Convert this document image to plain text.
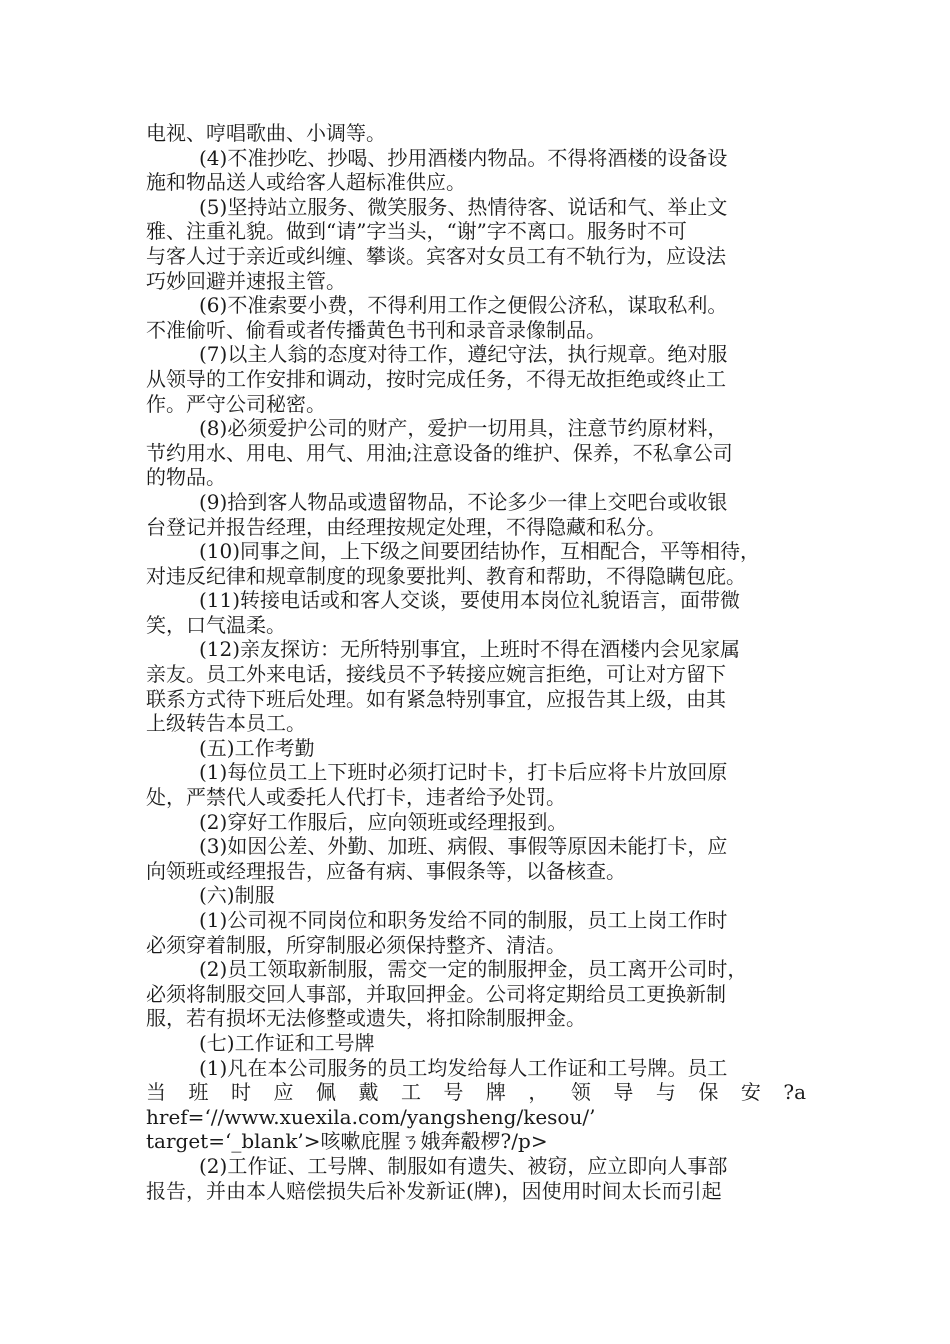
电视、哼唱歌曲、小调等。
(4)不准抄吃、抄喝、抄用酒楼内物品。不得将酒楼的设备设
施和物品送人或给客人超标准供应。
(5)坚持站立服务、微笑服务、热情待客、说话和气、举止文
雅、注重礼貌。做到“请”字当头，“谢”字不离口。服务时不可
与客人过于亲近或纠缠、攀谈。宾客对女员工有不轨行为，应设法
巧妙回避并速报主管。
(6)不准索要小费，不得利用工作之便假公济私，谋取私利。
不准偷听、偷看或者传播黄色书刊和录音录像制品。
(7)以主人翁的态度对待工作，遵纪守法，执行规章。绝对服
从领导的工作安排和调动，按时完成任务，不得无故拒绝或终止工
作。严守公司秘密。
(8)必须爱护公司的财产，爱护一切用具，注意节约原材料，
节约用水、用电、用气、用油;注意设备的维护、保养，不私拿公司
的物品。
(9)拾到客人物品或遗留物品，不论多少一律上交吧台或收银
台登记并报告经理，由经理按规定处理，不得隐藏和私分。
(10)同事之间，上下级之间要团结协作，互相配合，平等相待，
对违反纪律和规章制度的现象要批判、教育和帮助，不得隐瞒包庇。
(11)转接电话或和客人交谈，要使用本岗位礼貌语言，面带微
笑，口气温柔。
(12)亲友探访：无所特别事宜，上班时不得在酒楼内会见家属
亲友。员工外来电话，接线员不予转接应婉言拒绝，可让对方留下
联系方式待下班后处理。如有紧急特别事宜，应报告其上级，由其
上级转告本员工。
(五)工作考勤
(1)每位员工上下班时必须打记时卡，打卡后应将卡片放回原
处，严禁代人或委托人代打卡，违者给予处罚。
(2)穿好工作服后，应向领班或经理报到。
(3)如因公差、外勤、加班、病假、事假等原因未能打卡，应
向领班或经理报告，应备有病、事假条等，以备核查。
(六)制服
(1)公司视不同岗位和职务发给不同的制服，员工上岗工作时
必须穿着制服，所穿制服必须保持整齐、清洁。
(2)员工领取新制服，需交一定的制服押金，员工离开公司时，
必须将制服交回人事部，并取回押金。公司将定期给员工更换新制
服，若有损坏无法修整或遗失，将扣除制服押金。
(七)工作证和工号牌
(1)凡在本公司服务的员工均发给每人工作证和工号牌。员工
当 班 时 应 佩 戴 工 号 牌 ， 领 导 与 保 安 ?a
href=‘//www.xuexila.com/yangsheng/kesou/’
target=‘_blank’>咳嗽庇腥ㄋ娥奔觳椤?/p>
(2)工作证、工号牌、制服如有遗失、被窃，应立即向人事部
报告，并由本人赔偿损失后补发新证(牌)，因使用时间太长而引起
